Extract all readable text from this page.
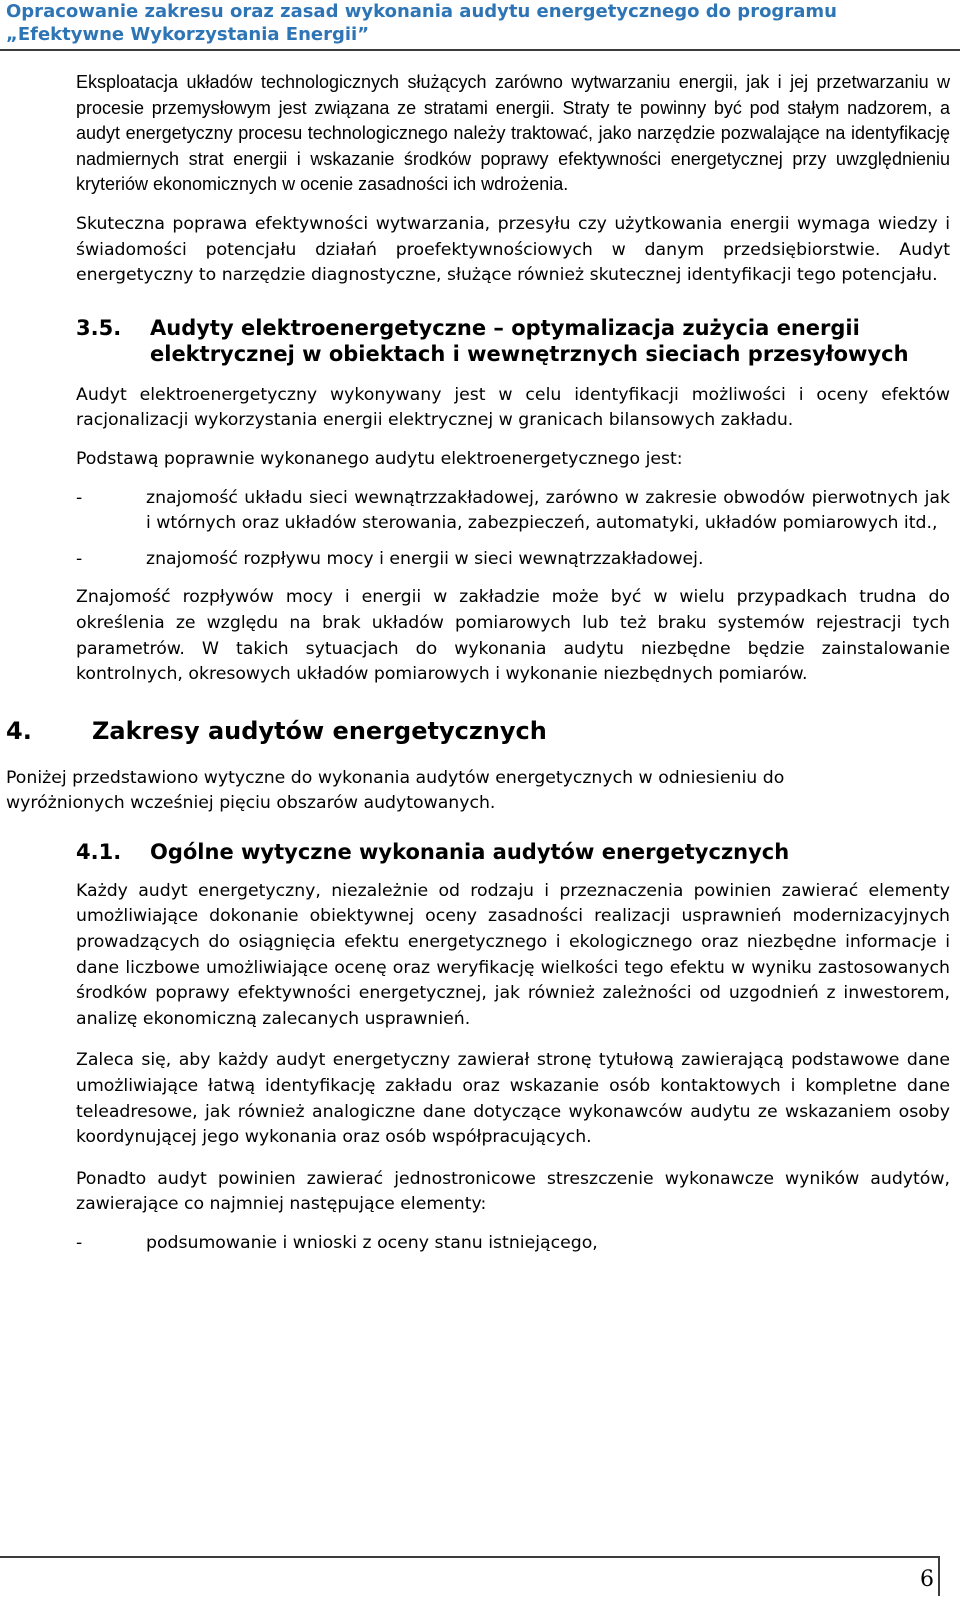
Opracowanie zakresu oraz zasad wykonania audytu energetycznego do programu
„Efektywne Wykorzystania Energii”

Eksploatacja układów technologicznych służących zarówno wytwarzaniu energii, jak i jej przetwarzaniu w procesie przemysłowym jest związana ze stratami energii. Straty te powinny być pod stałym nadzorem, a audyt energetyczny procesu technologicznego należy traktować, jako narzędzie pozwalające na identyfikację nadmiernych strat energii i wskazanie środków poprawy efektywności energetycznej przy uwzględnieniu kryteriów ekonomicznych w ocenie zasadności ich wdrożenia.

Skuteczna poprawa efektywności wytwarzania, przesyłu czy użytkowania energii wymaga wiedzy i świadomości potencjału działań proefektywnościowych w danym przedsiębiorstwie. Audyt energetyczny to narzędzie diagnostyczne, służące również skutecznej identyfikacji tego potencjału.

3.5. Audyty elektroenergetyczne – optymalizacja zużycia energii elektrycznej w obiektach i wewnętrznych sieciach przesyłowych

Audyt elektroenergetyczny wykonywany jest w celu identyfikacji możliwości i oceny efektów racjonalizacji wykorzystania energii elektrycznej w granicach bilansowych zakładu.

Podstawą poprawnie wykonanego audytu elektroenergetycznego jest:

-	znajomość układu sieci wewnątrzzakładowej, zarówno w zakresie obwodów pierwotnych jak i wtórnych oraz układów sterowania, zabezpieczeń, automatyki, układów pomiarowych itd.,
-	znajomość rozpływu mocy i energii w sieci wewnątrzzakładowej.

Znajomość rozpływów mocy i energii w zakładzie może być w wielu przypadkach trudna do określenia ze względu na brak układów pomiarowych lub też braku systemów rejestracji tych parametrów. W takich sytuacjach do wykonania audytu niezbędne będzie zainstalowanie kontrolnych, okresowych układów pomiarowych i wykonanie niezbędnych pomiarów.

4.	Zakresy audytów energetycznych

Poniżej przedstawiono wytyczne do wykonania audytów energetycznych w odniesieniu do wyróżnionych wcześniej pięciu obszarów audytowanych.

4.1. Ogólne wytyczne wykonania audytów energetycznych

Każdy audyt energetyczny, niezależnie od rodzaju i przeznaczenia powinien zawierać elementy umożliwiające dokonanie obiektywnej oceny zasadności realizacji usprawnień modernizacyjnych prowadzących do osiągnięcia efektu energetycznego i ekologicznego oraz niezbędne informacje i dane liczbowe umożliwiające ocenę oraz weryfikację wielkości tego efektu w wyniku zastosowanych środków poprawy efektywności energetycznej, jak również zależności od uzgodnień z inwestorem, analizę ekonomiczną zalecanych usprawnień.

Zaleca się, aby każdy audyt energetyczny zawierał stronę tytułową zawierającą podstawowe dane umożliwiające łatwą identyfikację zakładu oraz wskazanie osób kontaktowych i kompletne dane teleadresowe, jak również analogiczne dane dotyczące wykonawców audytu ze wskazaniem osoby koordynującej jego wykonania oraz osób współpracujących.

Ponadto audyt powinien zawierać jednostronicowe streszczenie wykonawcze wyników audytów, zawierające co najmniej następujące elementy:

-	podsumowanie i wnioski z oceny stanu istniejącego,
6
